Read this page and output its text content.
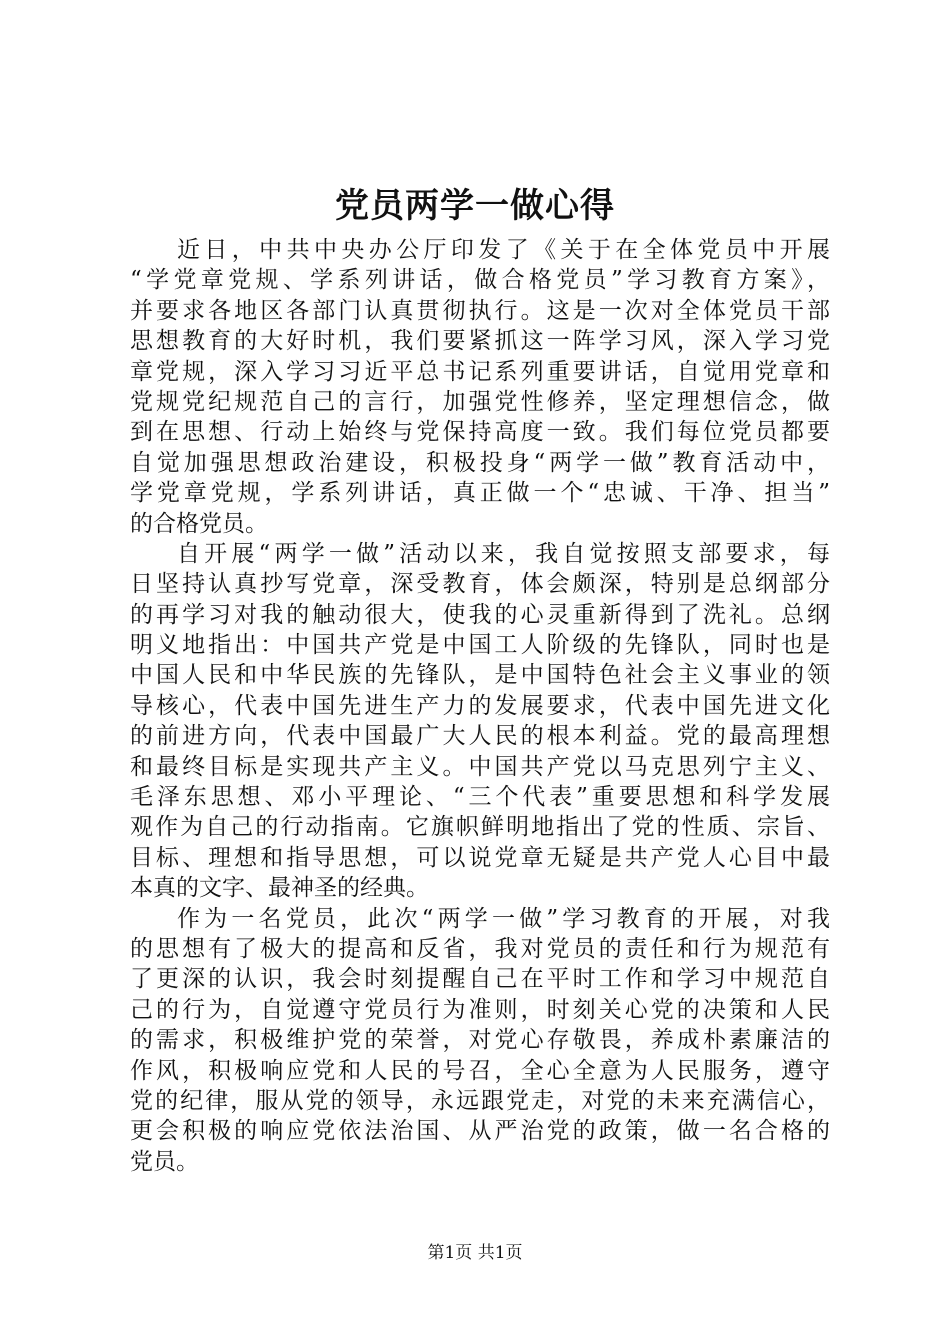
党员两学一做心得
近日，中共中央办公厅印发了《关于在全体党员中开展
“学党章党规、学系列讲话，做合格党员”学习教育方案》，
并要求各地区各部门认真贯彻执行。这是一次对全体党员干部
思想教育的大好时机，我们要紧抓这一阵学习风，深入学习党
章党规，深入学习习近平总书记系列重要讲话，自觉用党章和
党规党纪规范自己的言行，加强党性修养，坚定理想信念，做
到在思想、行动上始终与党保持高度一致。我们每位党员都要
自觉加强思想政治建设，积极投身“两学一做”教育活动中，
学党章党规，学系列讲话，真正做一个“忠诚、干净、担当”
的合格党员。
自开展“两学一做”活动以来，我自觉按照支部要求，每
日坚持认真抄写党章，深受教育，体会颇深，特别是总纲部分
的再学习对我的触动很大，使我的心灵重新得到了洗礼。总纲
明义地指出：中国共产党是中国工人阶级的先锋队，同时也是
中国人民和中华民族的先锋队，是中国特色社会主义事业的领
导核心，代表中国先进生产力的发展要求，代表中国先进文化
的前进方向，代表中国最广大人民的根本利益。党的最高理想
和最终目标是实现共产主义。中国共产党以马克思列宁主义、
毛泽东思想、邓小平理论、“三个代表”重要思想和科学发展
观作为自己的行动指南。它旗帜鲜明地指出了党的性质、宗旨、
目标、理想和指导思想，可以说党章无疑是共产党人心目中最
本真的文字、最神圣的经典。
作为一名党员，此次“两学一做”学习教育的开展，对我
的思想有了极大的提高和反省，我对党员的责任和行为规范有
了更深的认识，我会时刻提醒自己在平时工作和学习中规范自
己的行为，自觉遵守党员行为准则，时刻关心党的决策和人民
的需求，积极维护党的荣誉，对党心存敬畏，养成朴素廉洁的
作风，积极响应党和人民的号召，全心全意为人民服务，遵守
党的纪律，服从党的领导，永远跟党走，对党的未来充满信心，
更会积极的响应党依法治国、从严治党的政策，做一名合格的
党员。
第1页 共1页
